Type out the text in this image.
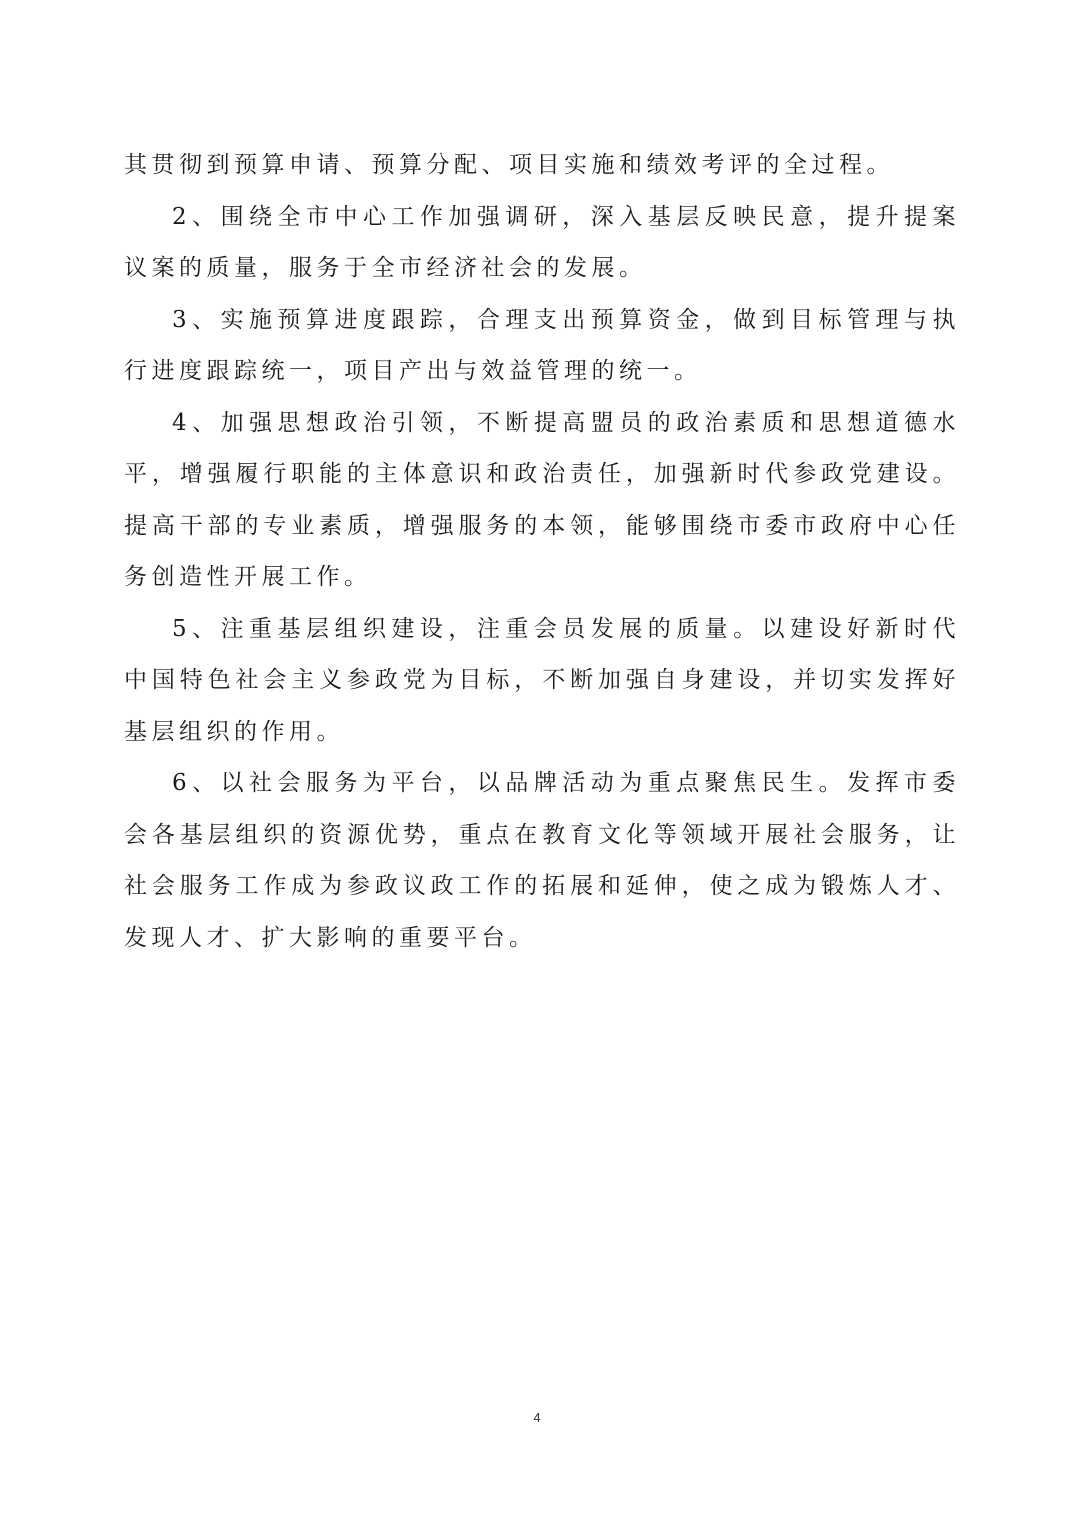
其贯彻到预算申请、预算分配、项目实施和绩效考评的全过程。

2、围绕全市中心工作加强调研，深入基层反映民意，提升提案议案的质量，服务于全市经济社会的发展。

3、实施预算进度跟踪，合理支出预算资金，做到目标管理与执行进度跟踪统一，项目产出与效益管理的统一。

4、加强思想政治引领，不断提高盟员的政治素质和思想道德水平，增强履行职能的主体意识和政治责任，加强新时代参政党建设。提高干部的专业素质，增强服务的本领，能够围绕市委市政府中心任务创造性开展工作。

5、注重基层组织建设，注重会员发展的质量。以建设好新时代中国特色社会主义参政党为目标，不断加强自身建设，并切实发挥好基层组织的作用。

6、以社会服务为平台，以品牌活动为重点聚焦民生。发挥市委会各基层组织的资源优势，重点在教育文化等领域开展社会服务，让社会服务工作成为参政议政工作的拓展和延伸，使之成为锻炼人才、发现人才、扩大影响的重要平台。

4
